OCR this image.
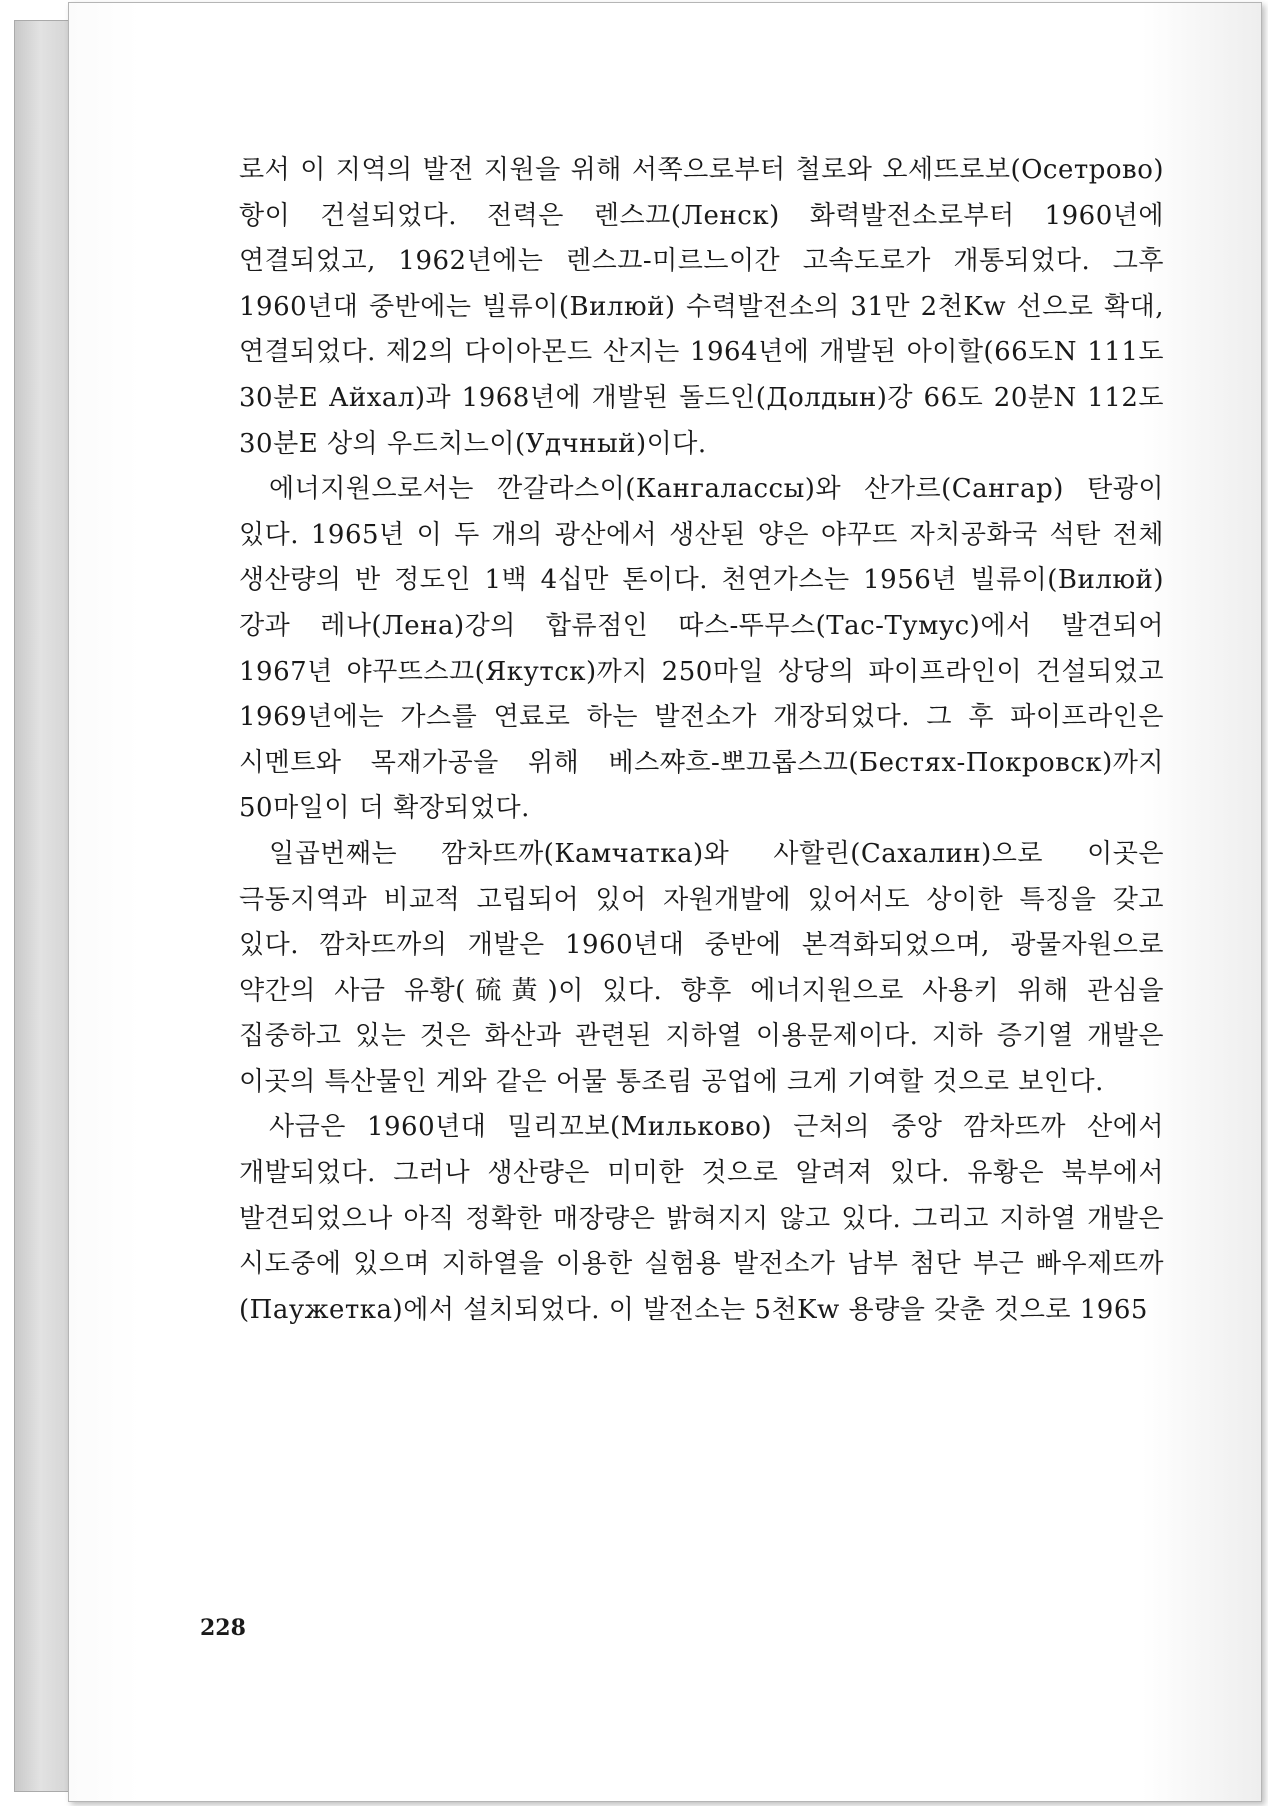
로서 이 지역의 발전 지원을 위해 서쪽으로부터 철로와 오세뜨로보(Осетрово)항이 건설되었다. 전력은 렌스끄(Ленск) 화력발전소로부터 1960년에 연결되었고, 1962년에는 렌스끄-미르느이간 고속도로가 개통되었다. 그후 1960년대 중반에는 빌류이(Вилюй) 수력발전소의 31만 2천Kw 선으로 확대, 연결되었다. 제2의 다이아몬드 산지는 1964년에 개발된 아이할(66도N 111도 30분E Айхал)과 1968년에 개발된 돌드인(Долдын)강 66도 20분N 112도 30분E 상의 우드치느이(Удчный)이다.

에너지원으로서는 깐갈라스이(Кангалассы)와 산가르(Сангар) 탄광이 있다. 1965년 이 두 개의 광산에서 생산된 양은 야꾸뜨 자치공화국 석탄 전체 생산량의 반 정도인 1백 4십만 톤이다. 천연가스는 1956년 빌류이(Вилюй)강과 레나(Лена)강의 합류점인 따스-뚜무스(Тас-Тумус)에서 발견되어 1967년 야꾸뜨스끄(Якутск)까지 250마일 상당의 파이프라인이 건설되었고 1969년에는 가스를 연료로 하는 발전소가 개장되었다. 그 후 파이프라인은 시멘트와 목재가공을 위해 베스쨔흐-뽀끄롭스끄(Бестях-Покровск)까지 50마일이 더 확장되었다.

일곱번째는 깜차뜨까(Камчатка)와 사할린(Сахалин)으로 이곳은 극동지역과 비교적 고립되어 있어 자원개발에 있어서도 상이한 특징을 갖고 있다. 깜차뜨까의 개발은 1960년대 중반에 본격화되었으며, 광물자원으로 약간의 사금 유황(硫黃)이 있다. 향후 에너지원으로 사용키 위해 관심을 집중하고 있는 것은 화산과 관련된 지하열 이용문제이다. 지하 증기열 개발은 이곳의 특산물인 게와 같은 어물 통조림 공업에 크게 기여할 것으로 보인다.

사금은 1960년대 밀리꼬보(Мильково) 근처의 중앙 깜차뜨까 산에서 개발되었다. 그러나 생산량은 미미한 것으로 알려져 있다. 유황은 북부에서 발견되었으나 아직 정확한 매장량은 밝혀지지 않고 있다. 그리고 지하열 개발은 시도중에 있으며 지하열을 이용한 실험용 발전소가 남부 첨단 부근 빠우제뜨까(Паужетка)에서 설치되었다. 이 발전소는 5천Kw 용량을 갖춘 것으로 1965

228
